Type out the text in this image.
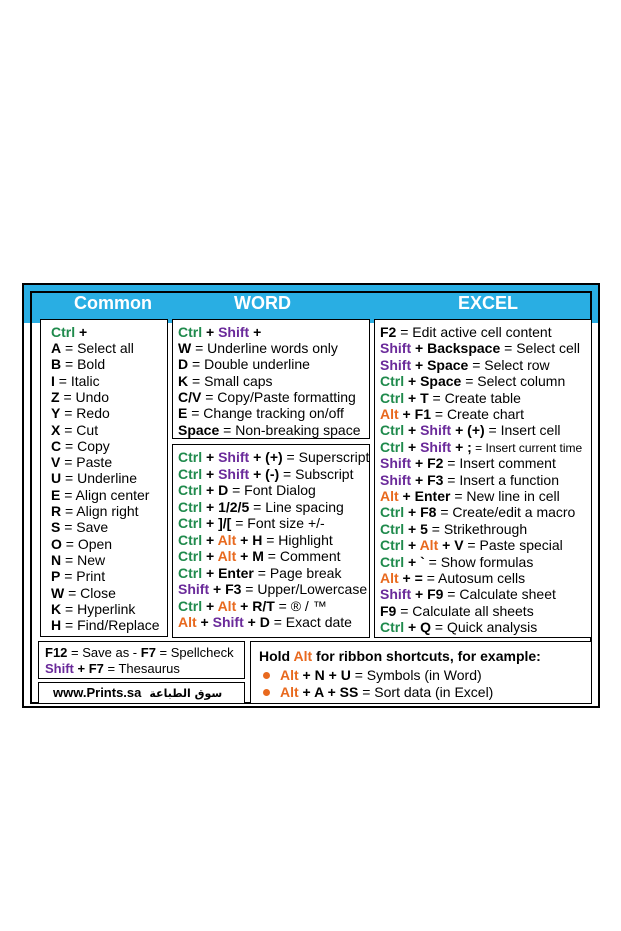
Common	WORD	EXCEL
Ctrl +
A = Select all
B = Bold
I = Italic
Z = Undo
Y = Redo
X = Cut
C = Copy
V = Paste
U = Underline
E = Align center
R = Align right
S = Save
O = Open
N = New
P = Print
W = Close
K = Hyperlink
H = Find/Replace
Ctrl + Shift +
W = Underline words only
D = Double underline
K = Small caps
C/V = Copy/Paste formatting
E = Change tracking on/off
Space = Non-breaking space
Ctrl + Shift + (+) = Superscript
Ctrl + Shift + (-) = Subscript
Ctrl + D = Font Dialog
Ctrl + 1/2/5 = Line spacing
Ctrl + ]/[ = Font size +/-
Ctrl + Alt + H = Highlight
Ctrl + Alt + M = Comment
Ctrl + Enter = Page break
Shift + F3 = Upper/Lowercase
Ctrl + Alt + R/T = ® / ™
Alt + Shift + D = Exact date
F2 = Edit active cell content
Shift + Backspace = Select cell
Shift + Space = Select row
Ctrl + Space = Select column
Ctrl + T = Create table
Alt + F1 = Create chart
Ctrl + Shift + (+) = Insert cell
Ctrl + Shift + ; = Insert current time
Shift + F2 = Insert comment
Shift + F3 = Insert a function
Alt + Enter = New line in cell
Ctrl + F8 = Create/edit a macro
Ctrl + 5 = Strikethrough
Ctrl + Alt + V = Paste special
Ctrl + ` = Show formulas
Alt + = = Autosum cells
Shift + F9 = Calculate sheet
F9 = Calculate all sheets
Ctrl + Q = Quick analysis
F12 = Save as - F7 = Spellcheck
Shift + F7 = Thesaurus
www.Prints.sa سوق الطباعة
Hold Alt for ribbon shortcuts, for example:
Alt + N + U = Symbols (in Word)
Alt + A + SS = Sort data (in Excel)
